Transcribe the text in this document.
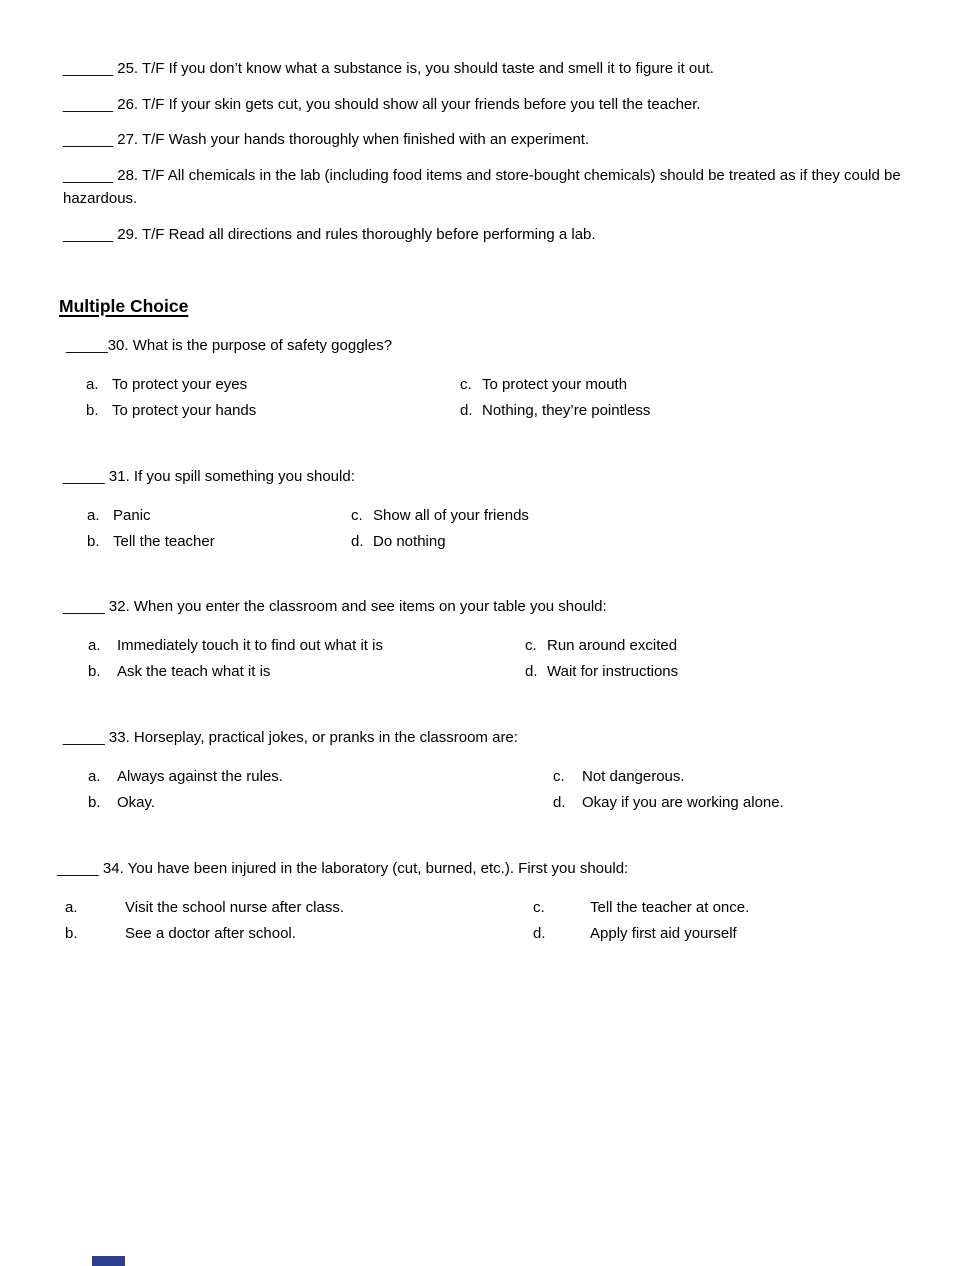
______ 25. T/F If you don’t know what a substance is, you should taste and smell it to figure it out.

______ 26. T/F If your skin gets cut, you should show all your friends before you tell the teacher.

______ 27. T/F Wash your hands thoroughly when finished with an experiment.

______ 28. T/F All chemicals in the lab (including food items and store-bought chemicals) should be treated as if they could be hazardous.

______ 29. T/F Read all directions and rules thoroughly before performing a lab.

Multiple Choice

_____30. What is the purpose of safety goggles?

a. To protect your eyes
b. To protect your hands
c. To protect your mouth
d. Nothing, they’re pointless

_____ 31. If you spill something you should:

a. Panic
b. Tell the teacher
c. Show all of your friends
d. Do nothing

_____ 32. When you enter the classroom and see items on your table you should:

a. Immediately touch it to find out what it is
b. Ask the teach what it is
c. Run around excited
d. Wait for instructions

_____ 33. Horseplay, practical jokes, or pranks in the classroom are:

a. Always against the rules.
b. Okay.
c. Not dangerous.
d. Okay if you are working alone.

_____ 34. You have been injured in the laboratory (cut, burned, etc.). First you should:

a.	Visit the school nurse after class.
b.	See a doctor after school.
c.	Tell the teacher at once.
d.	Apply first aid yourself
